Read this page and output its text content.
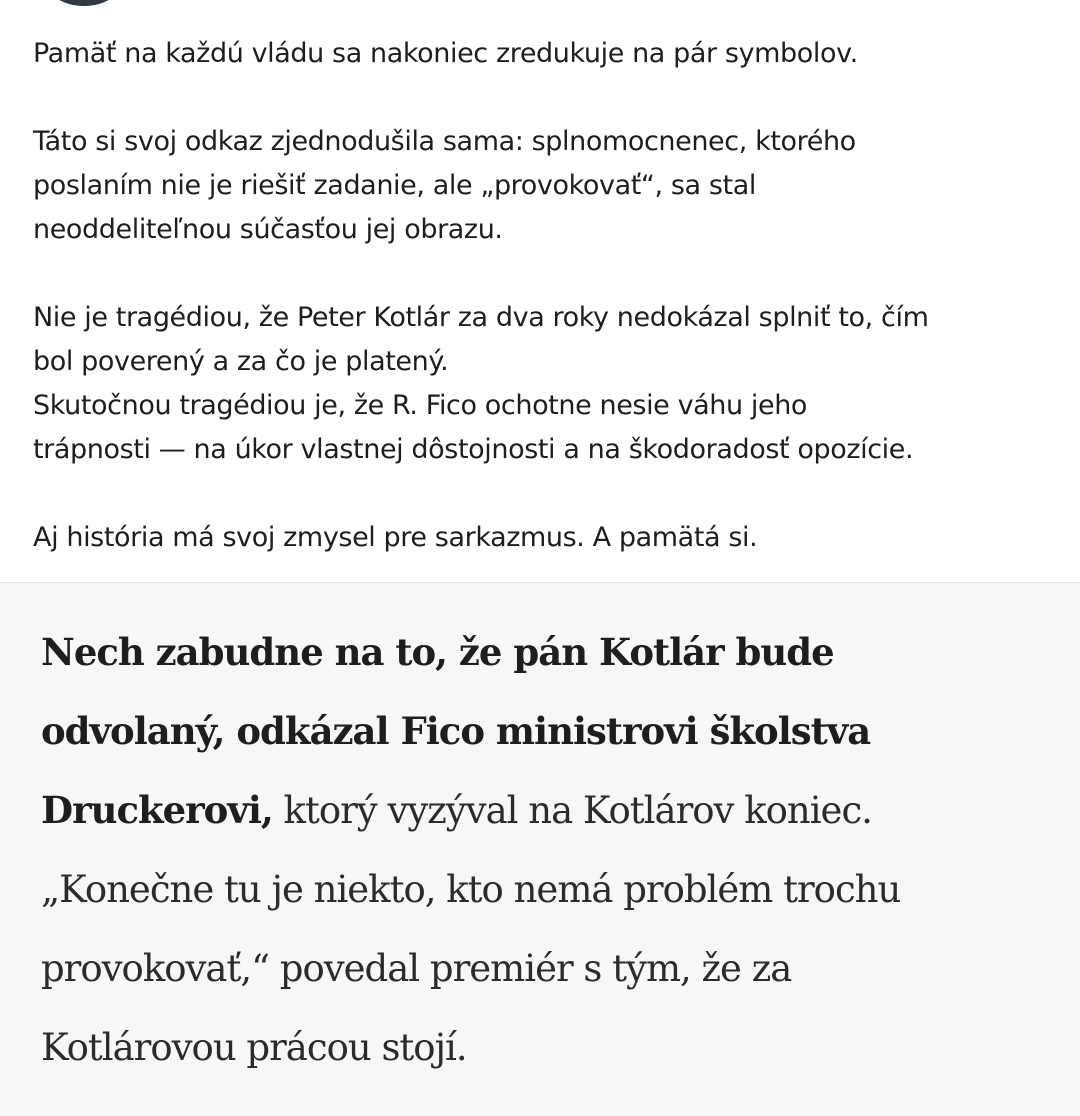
Pamäť na každú vládu sa nakoniec zredukuje na pár symbolov.

Táto si svoj odkaz zjednodušila sama: splnomocnenec, ktorého
poslaním nie je riešiť zadanie, ale „provokovať“, sa stal
neoddeliteľnou súčasťou jej obrazu.

Nie je tragédiou, že Peter Kotlár za dva roky nedokázal splniť to, čím
bol poverený a za čo je platený.
Skutočnou tragédiou je, že R. Fico ochotne nesie váhu jeho
trápnosti — na úkor vlastnej dôstojnosti a na škodoradosť opozície.

Aj história má svoj zmysel pre sarkazmus. A pamätá si.

Nech zabudne na to, že pán Kotlár bude
odvolaný, odkázal Fico ministrovi školstva
Druckerovi, ktorý vyzýval na Kotlárov koniec.
„Konečne tu je niekto, kto nemá problém trochu
provokovať,“ povedal premiér s tým, že za
Kotlárovou prácou stojí.
